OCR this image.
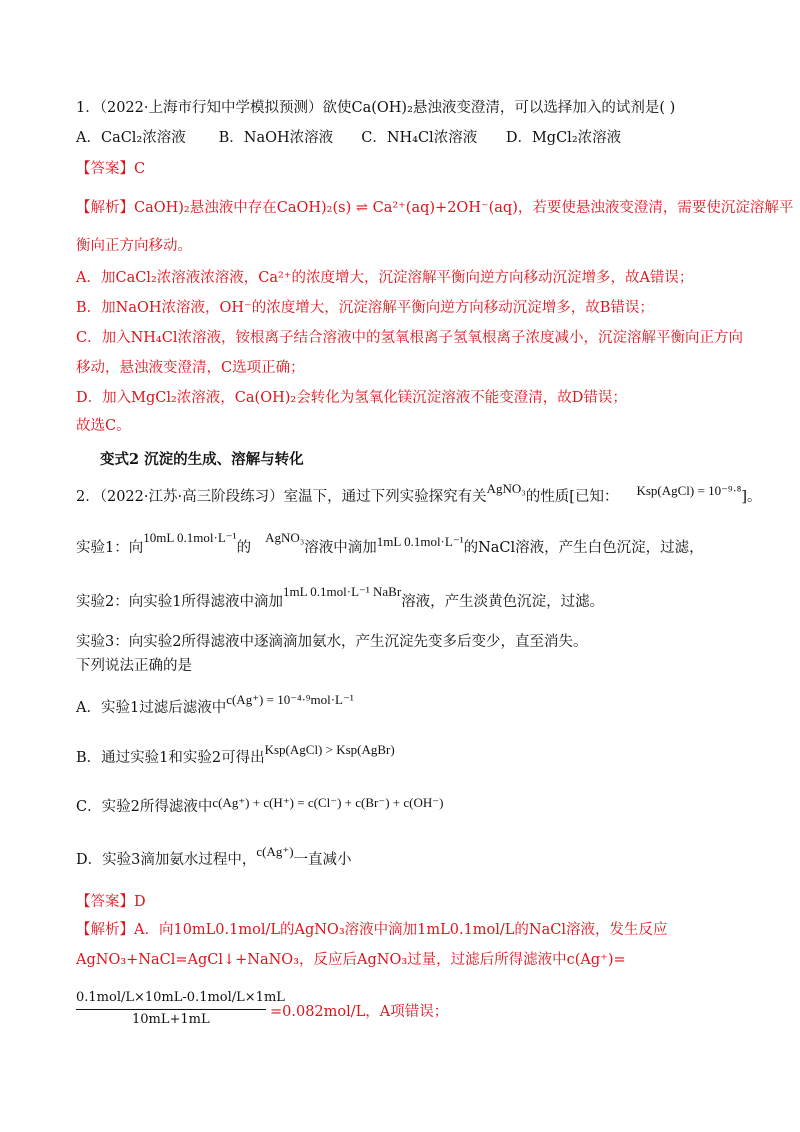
1．（2022·上海市行知中学模拟预测）欲使Ca(OH)₂悬浊液变澄清，可以选择加入的试剂是( )
A．CaCl₂浓溶液 B．NaOH浓溶液 C．NH₄Cl浓溶液 D．MgCl₂浓溶液
【答案】C
【解析】CaOH)₂悬浊液中存在CaOH)₂(s) ⇌ Ca²⁺(aq)+2OH⁻(aq)，若要使悬浊液变澄清，需要使沉淀溶解平
衡向正方向移动。
A．加CaCl₂浓溶液浓溶液，Ca²⁺的浓度增大，沉淀溶解平衡向逆方向移动沉淀增多，故A错误；
B．加NaOH浓溶液，OH⁻的浓度增大，沉淀溶解平衡向逆方向移动沉淀增多，故B错误；
C．加入NH₄Cl浓溶液，铵根离子结合溶液中的氢氧根离子氢氧根离子浓度减小，沉淀溶解平衡向正方向
移动，悬浊液变澄清，C选项正确；
D．加入MgCl₂浓溶液，Ca(OH)₂会转化为氢氧化镁沉淀溶液不能变澄清，故D错误；
故选C。
变式2 沉淀的生成、溶解与转化
2．（2022·江苏·高三阶段练习）室温下，通过下列实验探究有关AgNO₃的性质[已知： Ksp(AgCl) = 10⁻⁹·⁸]。
实验1：向10mL 0.1mol·L⁻¹的AgNO₃溶液中滴加1mL 0.1mol·L⁻¹的NaCl溶液，产生白色沉淀，过滤，
实验2：向实验1所得滤液中滴加1mL 0.1mol·L⁻¹ NaBr溶液，产生淡黄色沉淀，过滤。
实验3：向实验2所得滤液中逐滴滴加氨水，产生沉淀先变多后变少，直至消失。
下列说法正确的是
A．实验1过滤后滤液中c(Ag⁺) = 10⁻⁴·⁹mol·L⁻¹
B．通过实验1和实验2可得出Ksp(AgCl) > Ksp(AgBr)
C．实验2所得滤液中c(Ag⁺) + c(H⁺) = c(Cl⁻) + c(Br⁻) + c(OH⁻)
D．实验3滴加氨水过程中，c(Ag⁺)一直减小
【答案】D
【解析】A．向10mL0.1mol/L的AgNO₃溶液中滴加1mL0.1mol/L的NaCl溶液，发生反应
AgNO₃+NaCl=AgCl↓+NaNO₃，反应后AgNO₃过量，过滤后所得滤液中c(Ag⁺)=
0.1mol/L×10mL-0.1mol/L×1mL
10mL+1mL	=0.082mol/L，A项错误；
